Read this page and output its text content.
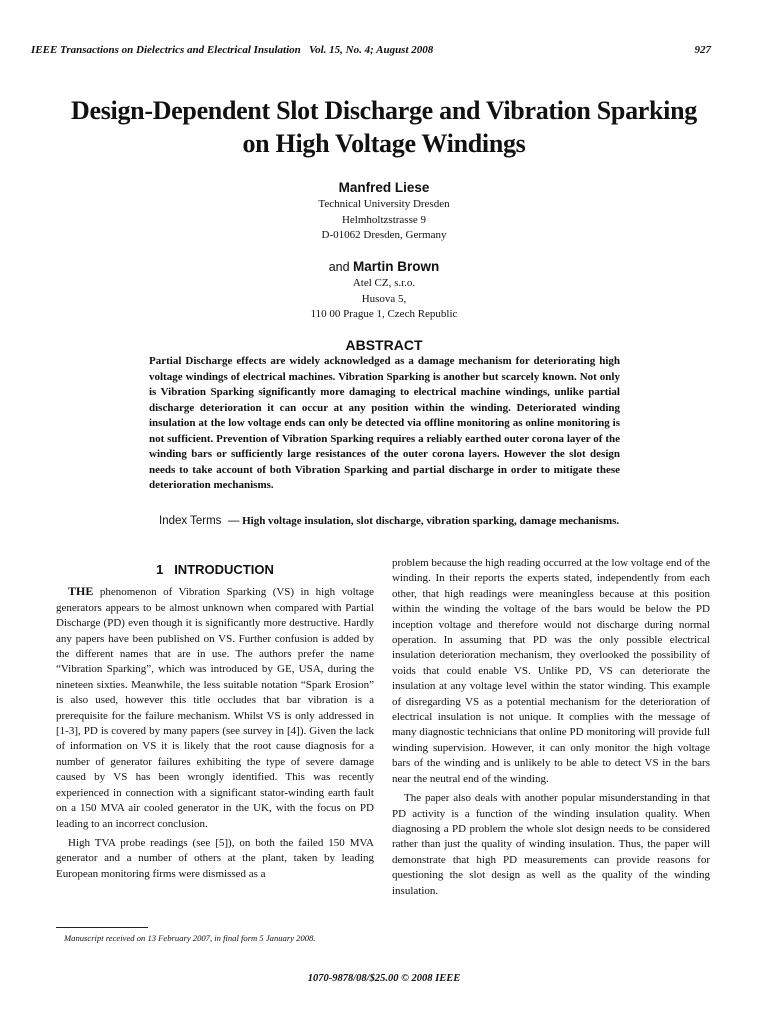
IEEE Transactions on Dielectrics and Electrical Insulation   Vol. 15, No. 4; August 2008	927
Design-Dependent Slot Discharge and Vibration Sparking
on High Voltage Windings
Manfred Liese
Technical University Dresden
Helmholtzstrasse 9
D-01062 Dresden, Germany
and Martin Brown
Atel CZ, s.r.o.
Husova 5,
110 00 Prague 1, Czech Republic
ABSTRACT
Partial Discharge effects are widely acknowledged as a damage mechanism for deteriorating high voltage windings of electrical machines. Vibration Sparking is another but scarcely known. Not only is Vibration Sparking significantly more damaging to electrical machine windings, unlike partial discharge deterioration it can occur at any position within the winding. Deteriorated winding insulation at the low voltage ends can only be detected via offline monitoring as online monitoring is not sufficient. Prevention of Vibration Sparking requires a reliably earthed outer corona layer of the winding bars or sufficiently large resistances of the outer corona layers. However the slot design needs to take account of both Vibration Sparking and partial discharge in order to mitigate these deterioration mechanisms.
Index Terms  — High voltage insulation, slot discharge, vibration sparking, damage mechanisms.
1   INTRODUCTION

THE phenomenon of Vibration Sparking (VS) in high voltage generators appears to be almost unknown when compared with Partial Discharge (PD) even though it is significantly more destructive. Hardly any papers have been published on VS. Further confusion is added by the different names that are in use. The authors prefer the name “Vibration Sparking”, which was introduced by GE, USA, during the nineteen sixties. Meanwhile, the less suitable notation “Spark Erosion” is also used, however this title occludes that bar vibration is a prerequisite for the failure mechanism. Whilst VS is only addressed in [1-3], PD is covered by many papers (see survey in [4]). Given the lack of information on VS it is likely that the root cause diagnosis for a number of generator failures exhibiting the type of severe damage caused by VS has been wrongly identified. This was recently experienced in connection with a significant stator-winding earth fault on a 150 MVA air cooled generator in the UK, with the focus on PD leading to an incorrect conclusion.

High TVA probe readings (see [5]), on both the failed 150 MVA generator and a number of others at the plant, taken by leading European monitoring firms were dismissed as a

problem because the high reading occurred at the low voltage end of the winding. In their reports the experts stated, independently from each other, that high readings were meaningless because at this position within the winding the voltage of the bars would be below the PD inception voltage and therefore would not discharge during normal operation. In assuming that PD was the only possible electrical insulation deterioration mechanism, they overlooked the possibility of voids that could enable VS. Unlike PD, VS can deteriorate the insulation at any voltage level within the stator winding. This example of disregarding VS as a potential mechanism for the deterioration of electrical insulation is not unique. It complies with the message of many diagnostic technicians that online PD monitoring will provide full winding supervision. However, it can only monitor the high voltage bars of the winding and is unlikely to be able to detect VS in the bars near the neutral end of the winding.

The paper also deals with another popular misunderstanding in that PD activity is a function of the winding insulation quality. When diagnosing a PD problem the whole slot design needs to be considered rather than just the quality of winding insulation. Thus, the paper will demonstrate that high PD measurements can provide reasons for questioning the slot design as well as the quality of the winding insulation.

Manuscript received on 13 February 2007, in final form 5 January 2008.
1070-9878/08/$25.00 © 2008 IEEE
